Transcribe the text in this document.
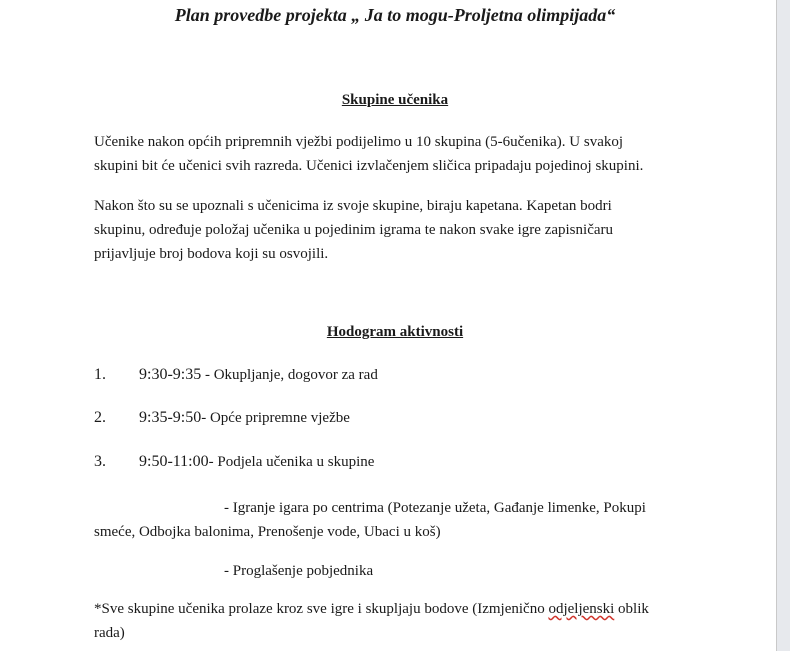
Plan provedbe projekta „ Ja to mogu-Proljetna olimpijada“
Skupine učenika
Učenike nakon općih pripremnih vježbi podijelimo u 10 skupina (5-6učenika). U svakoj
skupini bit će učenici svih razreda. Učenici izvlačenjem sličica pripadaju pojedinoj skupini.
Nakon što su se upoznali s učenicima iz svoje skupine, biraju kapetana. Kapetan bodri
skupinu, određuje položaj učenika u pojedinim igrama te nakon svake igre zapisničaru
prijavljuje broj bodova koji su osvojili.
Hodogram aktivnosti
1. 9:30-9:35 - Okupljanje, dogovor za rad
2. 9:35-9:50- Opće pripremne vježbe
3. 9:50-11:00- Podjela učenika u skupine
- Igranje igara po centrima (Potezanje užeta, Gađanje limenke, Pokupi
smeće, Odbojka balonima, Prenošenje vode, Ubaci u koš)
- Proglašenje pobjednika
*Sve skupine učenika prolaze kroz sve igre i skupljaju bodove (Izmjenično odjeljenski oblik
rada)
